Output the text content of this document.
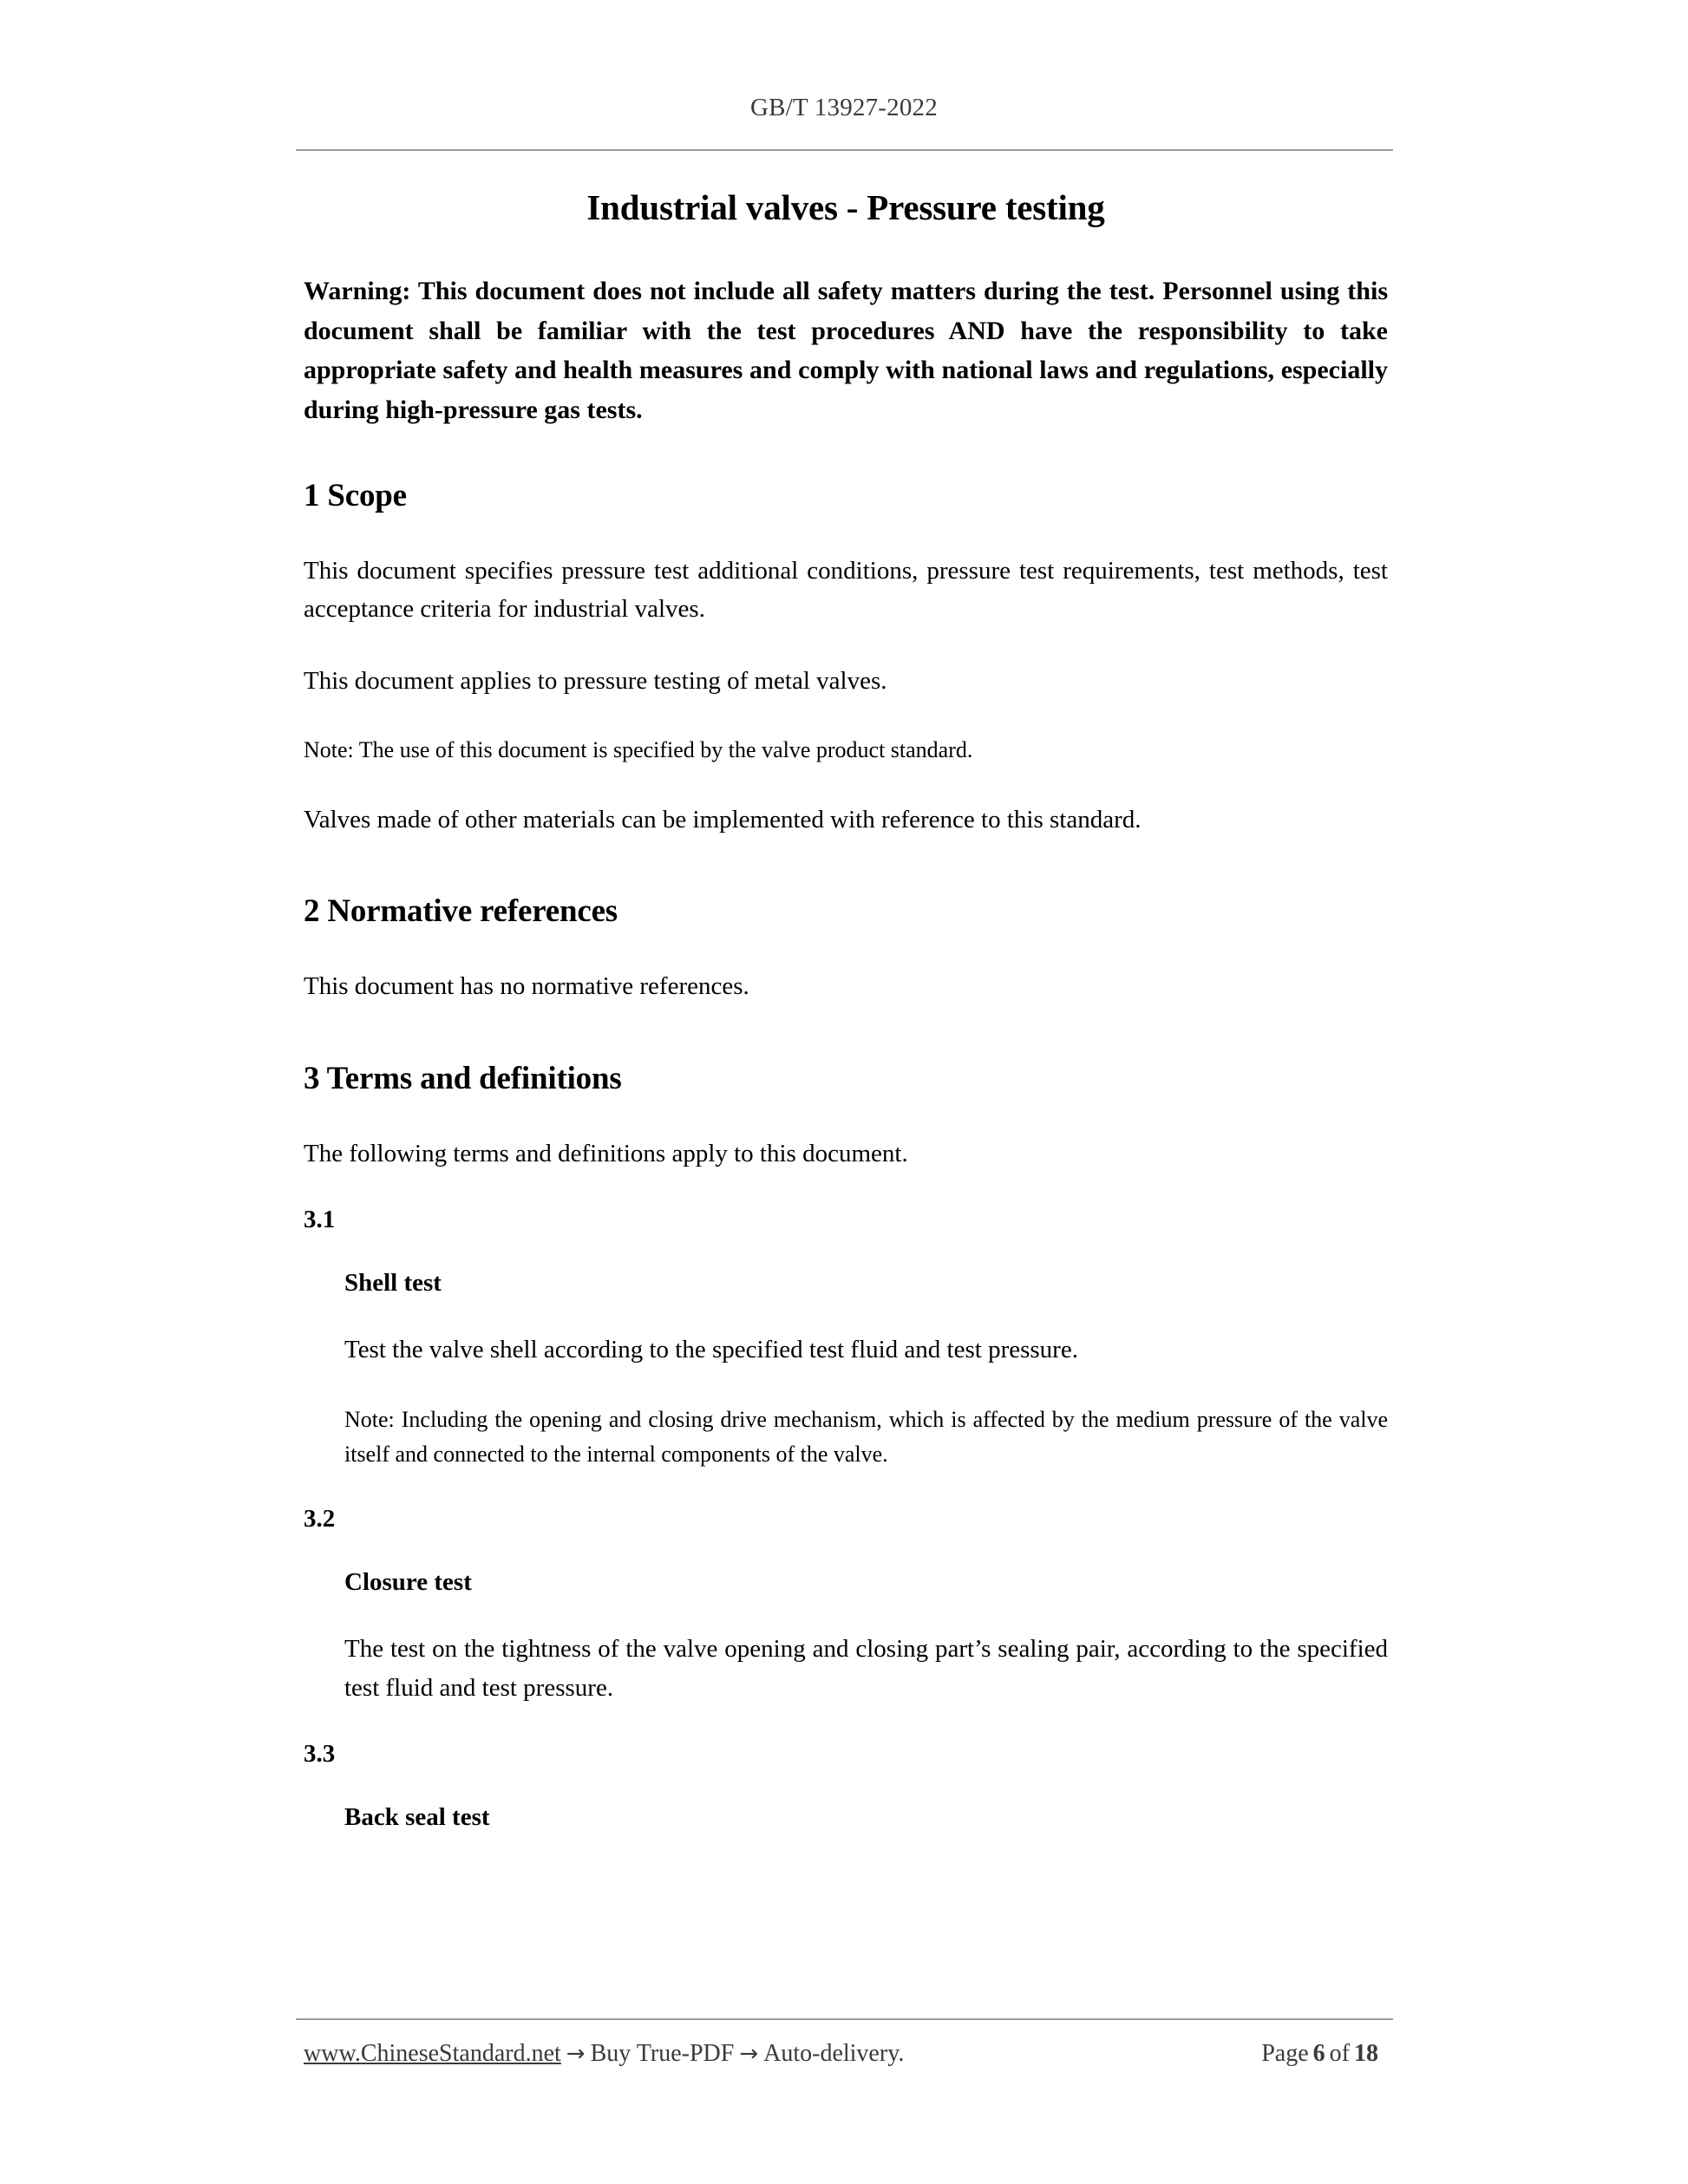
GB/T 13927-2022
Industrial valves - Pressure testing

Warning: This document does not include all safety matters during the test. Personnel using this document shall be familiar with the test procedures AND have the responsibility to take appropriate safety and health measures and comply with national laws and regulations, especially during high-pressure gas tests.

1 Scope

This document specifies pressure test additional conditions, pressure test requirements, test methods, test acceptance criteria for industrial valves.

This document applies to pressure testing of metal valves.

Note: The use of this document is specified by the valve product standard.

Valves made of other materials can be implemented with reference to this standard.

2 Normative references

This document has no normative references.

3 Terms and definitions

The following terms and definitions apply to this document.

3.1

Shell test

Test the valve shell according to the specified test fluid and test pressure.

Note: Including the opening and closing drive mechanism, which is affected by the medium pressure of the valve itself and connected to the internal components of the valve.

3.2

Closure test

The test on the tightness of the valve opening and closing part’s sealing pair, according to the specified test fluid and test pressure.

3.3

Back seal test

www.ChineseStandard.net → Buy True-PDF → Auto-delivery.	Page 6 of 18
